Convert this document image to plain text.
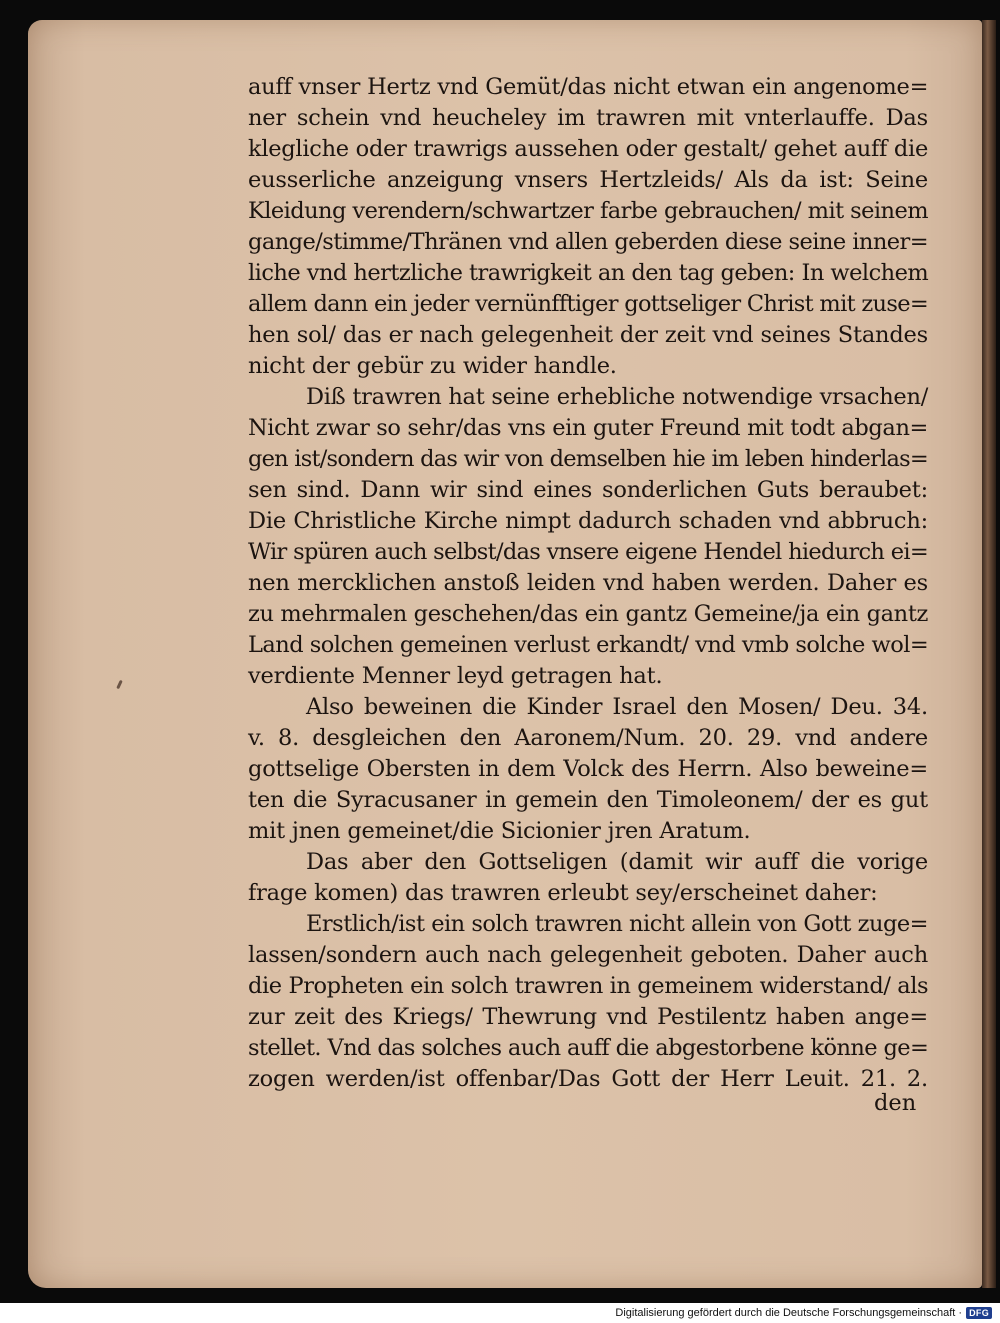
auff vnser Hertz vnd Gemüt/das nicht etwan ein angenome=
ner schein vnd heucheley im trawren mit vnterlauffe. Das
klegliche oder trawrigs aussehen oder gestalt/ gehet auff die
eusserliche anzeigung vnsers Hertzleids/ Als da ist: Seine
Kleidung verendern/schwartzer farbe gebrauchen/ mit seinem
gange/stimme/Thränen vnd allen geberden diese seine inner=
liche vnd hertzliche trawrigkeit an den tag geben: In welchem
allem dann ein jeder vernünfftiger gottseliger Christ mit zuse=
hen sol/ das er nach gelegenheit der zeit vnd seines Standes
nicht der gebür zu wider handle.
Diß trawren hat seine erhebliche notwendige vrsachen/
Nicht zwar so sehr/das vns ein guter Freund mit todt abgan=
gen ist/sondern das wir von demselben hie im leben hinderlas=
sen sind. Dann wir sind eines sonderlichen Guts beraubet:
Die Christliche Kirche nimpt dadurch schaden vnd abbruch:
Wir spüren auch selbst/das vnsere eigene Hendel hiedurch ei=
nen mercklichen anstoß leiden vnd haben werden. Daher es
zu mehrmalen geschehen/das ein gantz Gemeine/ja ein gantz
Land solchen gemeinen verlust erkandt/ vnd vmb solche wol=
verdiente Menner leyd getragen hat.
Also beweinen die Kinder Israel den Mosen/ Deu. 34.
v. 8. desgleichen den Aaronem/Num. 20. 29. vnd andere
gottselige Obersten in dem Volck des Herrn. Also beweine=
ten die Syracusaner in gemein den Timoleonem/ der es gut
mit jnen gemeinet/die Sicionier jren Aratum.
Das aber den Gottseligen (damit wir auff die vorige
frage komen) das trawren erleubt sey/erscheinet daher:
Erstlich/ist ein solch trawren nicht allein von Gott zuge=
lassen/sondern auch nach gelegenheit geboten. Daher auch
die Propheten ein solch trawren in gemeinem widerstand/ als
zur zeit des Kriegs/ Thewrung vnd Pestilentz haben ange=
stellet. Vnd das solches auch auff die abgestorbene könne ge=
zogen werden/ist offenbar/Das Gott der Herr Leuit. 21. 2.
den
Digitalisierung gefördert durch die Deutsche Forschungsgemeinschaft · DFG
